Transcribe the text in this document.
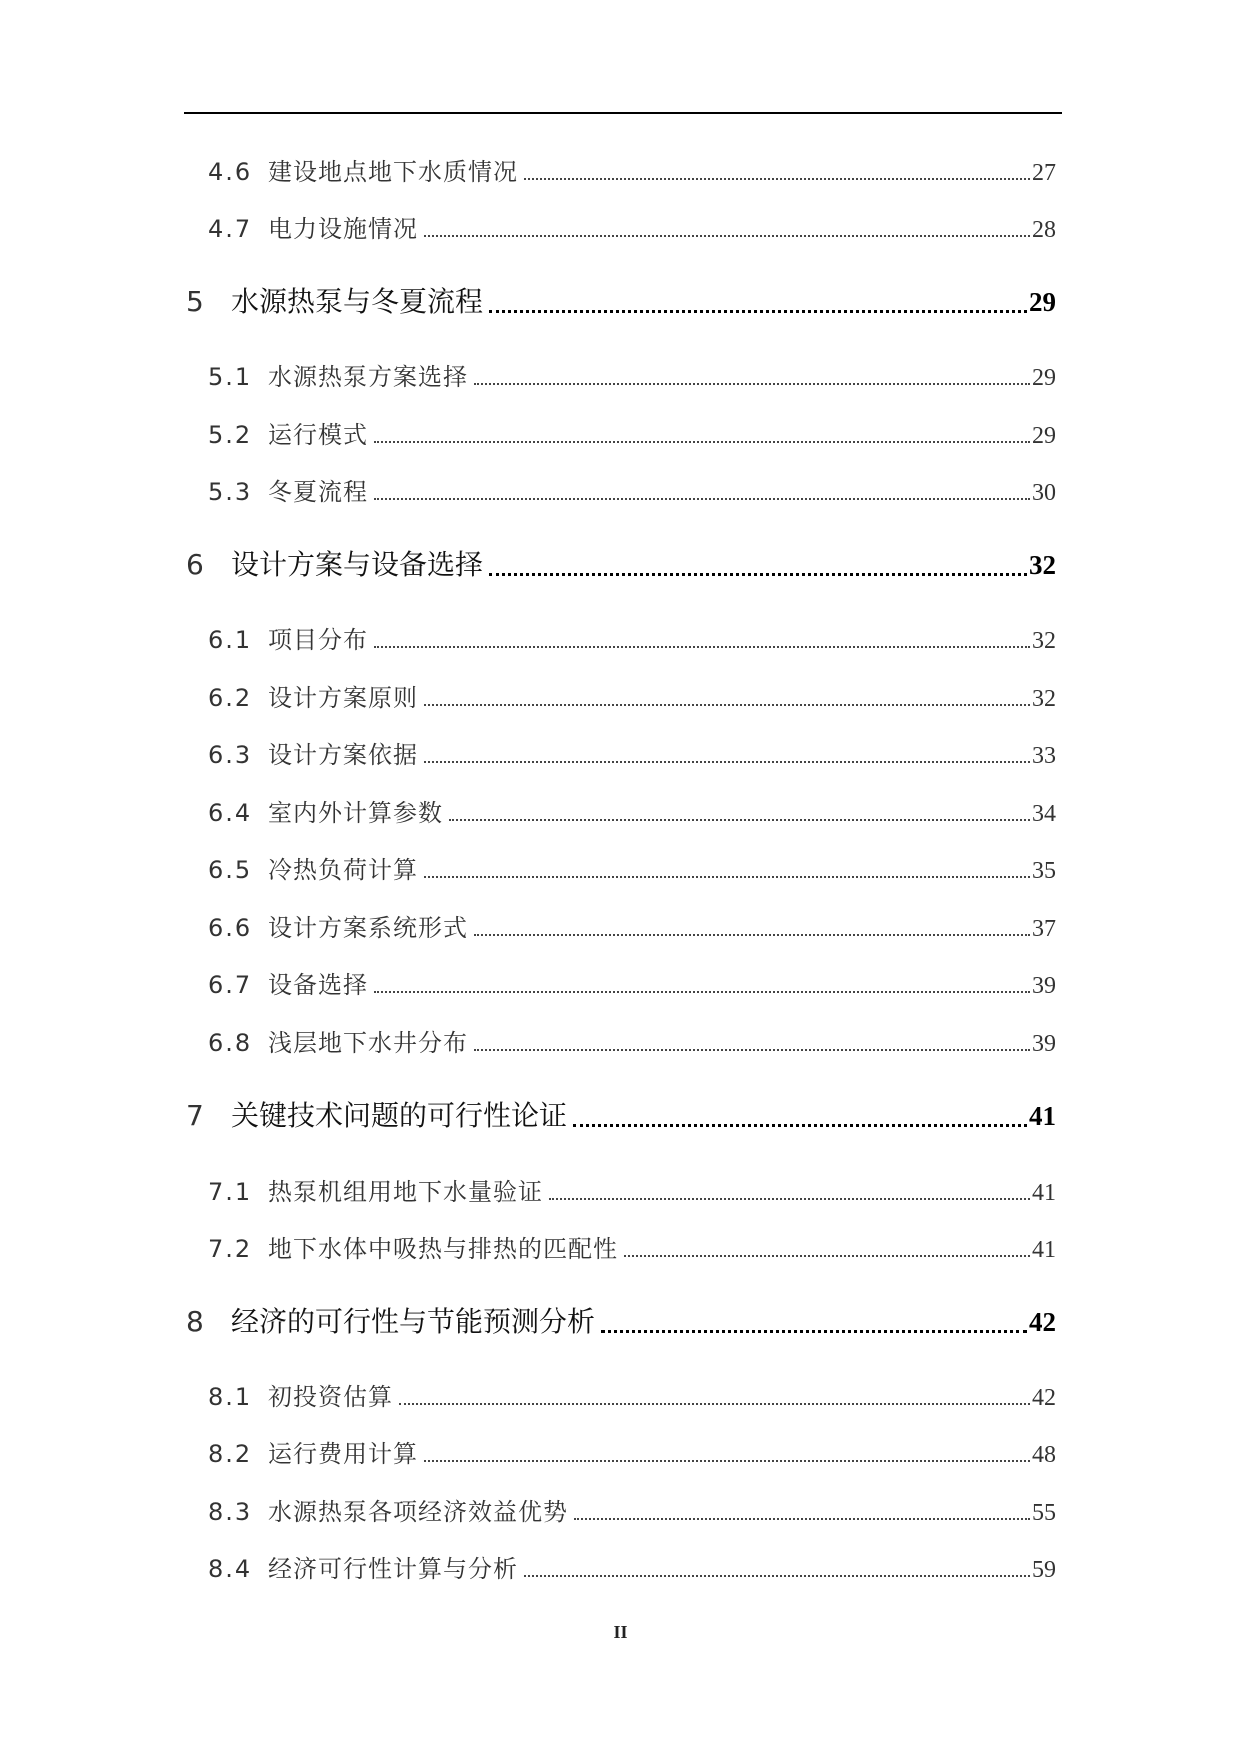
4.6 建设地点地下水质情况	27
4.7 电力设施情况	28
5 水源热泵与冬夏流程	29
5.1 水源热泵方案选择	29
5.2 运行模式	29
5.3 冬夏流程	30
6 设计方案与设备选择	32
6.1 项目分布	32
6.2 设计方案原则	32
6.3 设计方案依据	33
6.4 室内外计算参数	34
6.5 冷热负荷计算	35
6.6 设计方案系统形式	37
6.7 设备选择	39
6.8 浅层地下水井分布	39
7 关键技术问题的可行性论证	41
7.1 热泵机组用地下水量验证	41
7.2 地下水体中吸热与排热的匹配性	41
8 经济的可行性与节能预测分析	42
8.1 初投资估算	42
8.2 运行费用计算	48
8.3 水源热泵各项经济效益优势	55
8.4 经济可行性计算与分析	59
II
